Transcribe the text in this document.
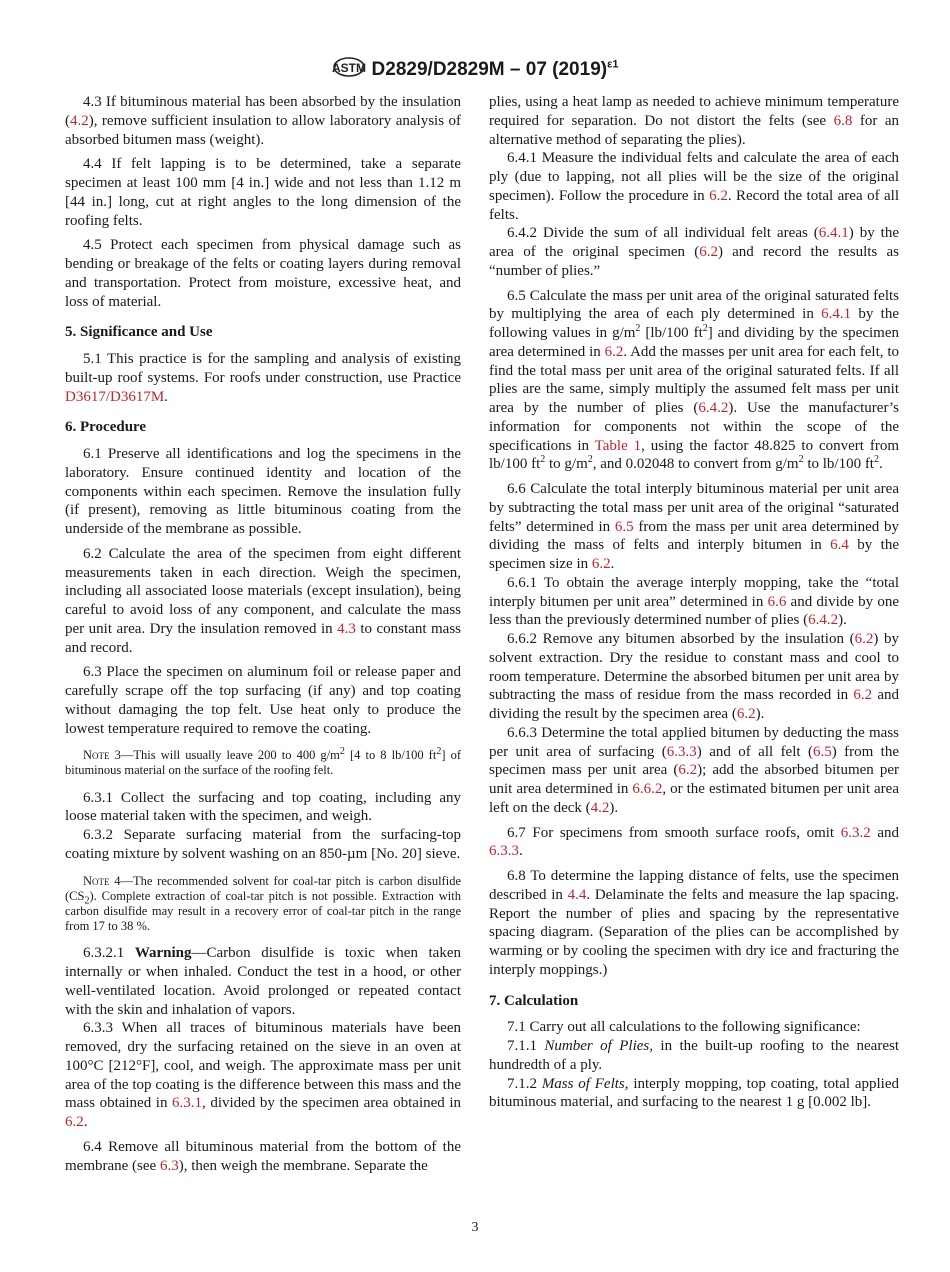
ASTM D2829/D2829M – 07 $(2019)^{\varepsilon 1}$

4.3 If bituminous material has been absorbed by the insulation (4.2), remove sufficient insulation to allow laboratory analysis of absorbed bitumen mass (weight).

4.4 If felt lapping is to be determined, take a separate specimen at least 100 mm [4 in.] wide and not less than 1.12 m [44 in.] long, cut at right angles to the long dimension of the roofing felts.

4.5 Protect each specimen from physical damage such as bending or breakage of the felts or coating layers during removal and transportation. Protect from moisture, excessive heat, and loss of material.

5. Significance and Use

5.1 This practice is for the sampling and analysis of existing built-up roof systems. For roofs under construction, use Practice D3617/D3617M.

6. Procedure

6.1 Preserve all identifications and log the specimens in the laboratory. Ensure continued identity and location of the components within each specimen. Remove the insulation fully (if present), removing as little bituminous coating from the underside of the membrane as possible.

6.2 Calculate the area of the specimen from eight different measurements taken in each direction. Weigh the specimen, including all associated loose materials (except insulation), being careful to avoid loss of any component, and calculate the mass per unit area. Dry the insulation removed in 4.3 to constant mass and record.

6.3 Place the specimen on aluminum foil or release paper and carefully scrape off the top surfacing (if any) and top coating without damaging the top felt. Use heat only to produce the lowest temperature required to remove the coating.

Note 3—This will usually leave 200 to 400 $g/m^2$ [4 to 8 lb/100 $ft^2$] of bituminous material on the surface of the roofing felt.

6.3.1 Collect the surfacing and top coating, including any loose material taken with the specimen, and weigh.

6.3.2 Separate surfacing material from the surfacing-top coating mixture by solvent washing on an 850-µm [No. 20] sieve.

Note 4—The recommended solvent for coal-tar pitch is carbon disulfide $(CS_2)$. Complete extraction of coal-tar pitch is not possible. Extraction with carbon disulfide may result in a recovery error of coal-tar pitch in the range from 17 to 38 %.

6.3.2.1 Warning—Carbon disulfide is toxic when taken internally or when inhaled. Conduct the test in a hood, or other well-ventilated location. Avoid prolonged or repeated contact with the skin and inhalation of vapors.

6.3.3 When all traces of bituminous materials have been removed, dry the surfacing retained on the sieve in an oven at 100°C [212°F], cool, and weigh. The approximate mass per unit area of the top coating is the difference between this mass and the mass obtained in 6.3.1, divided by the specimen area obtained in 6.2.

6.4 Remove all bituminous material from the bottom of the membrane (see 6.3), then weigh the membrane. Separate the

plies, using a heat lamp as needed to achieve minimum temperature required for separation. Do not distort the felts (see 6.8 for an alternative method of separating the plies).

6.4.1 Measure the individual felts and calculate the area of each ply (due to lapping, not all plies will be the size of the original specimen). Follow the procedure in 6.2. Record the total area of all felts.

6.4.2 Divide the sum of all individual felt areas (6.4.1) by the area of the original specimen (6.2) and record the results as “number of plies.”

6.5 Calculate the mass per unit area of the original saturated felts by multiplying the area of each ply determined in 6.4.1 by the following values in $g/m^2$ [lb/100 $ft^2$] and dividing by the specimen area determined in 6.2. Add the masses per unit area for each felt, to find the total mass per unit area of the original saturated felts. If all plies are the same, simply multiply the assumed felt mass per unit area by the number of plies (6.4.2). Use the manufacturer’s information for components not within the scope of the specifications in Table 1, using the factor 48.825 to convert from lb/100 $ft^2$ to $g/m^2$, and 0.02048 to convert from $g/m^2$ to lb/100 $ft^2$.

6.6 Calculate the total interply bituminous material per unit area by subtracting the total mass per unit area of the original “saturated felts” determined in 6.5 from the mass per unit area determined by dividing the mass of felts and interply bitumen in 6.4 by the specimen size in 6.2.

6.6.1 To obtain the average interply mopping, take the “total interply bitumen per unit area” determined in 6.6 and divide by one less than the previously determined number of plies (6.4.2).

6.6.2 Remove any bitumen absorbed by the insulation (6.2) by solvent extraction. Dry the residue to constant mass and cool to room temperature. Determine the absorbed bitumen per unit area by subtracting the mass of residue from the mass recorded in 6.2 and dividing the result by the specimen area (6.2).

6.6.3 Determine the total applied bitumen by deducting the mass per unit area of surfacing (6.3.3) and of all felt (6.5) from the specimen mass per unit area (6.2); add the absorbed bitumen per unit area determined in 6.6.2, or the estimated bitumen per unit area left on the deck (4.2).

6.7 For specimens from smooth surface roofs, omit 6.3.2 and 6.3.3.

6.8 To determine the lapping distance of felts, use the specimen described in 4.4. Delaminate the felts and measure the lap spacing. Report the number of plies and spacing by the representative spacing diagram. (Separation of the plies can be accomplished by warming or by cooling the specimen with dry ice and fracturing the interply moppings.)

7. Calculation

7.1 Carry out all calculations to the following significance:

7.1.1 Number of Plies, in the built-up roofing to the nearest hundredth of a ply.

7.1.2 Mass of Felts, interply mopping, top coating, total applied bituminous material, and surfacing to the nearest 1 g [0.002 lb].

3
